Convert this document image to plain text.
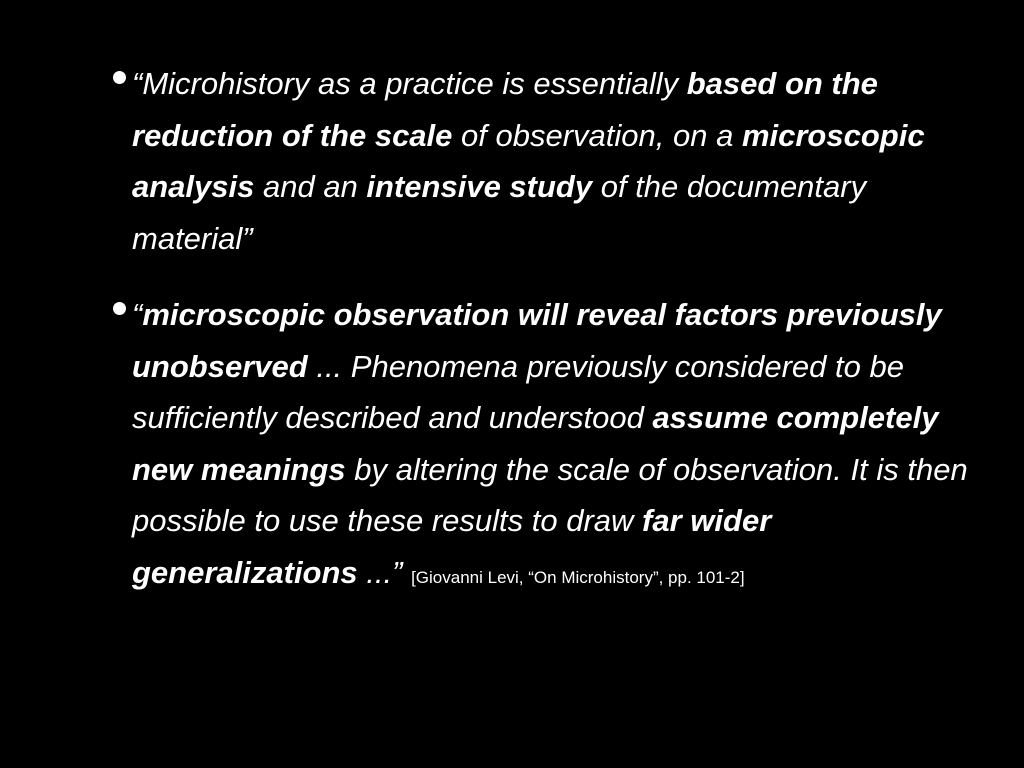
“Microhistory as a practice is essentially based on the reduction of the scale of observation, on a microscopic analysis and an intensive study of the documentary material”
“microscopic observation will reveal factors previously unobserved ... Phenomena previously considered to be sufficiently described and understood assume completely new meanings by altering the scale of observation. It is then possible to use these results to draw far wider generalizations ...” [Giovanni Levi, “On Microhistory”, pp. 101-2]
